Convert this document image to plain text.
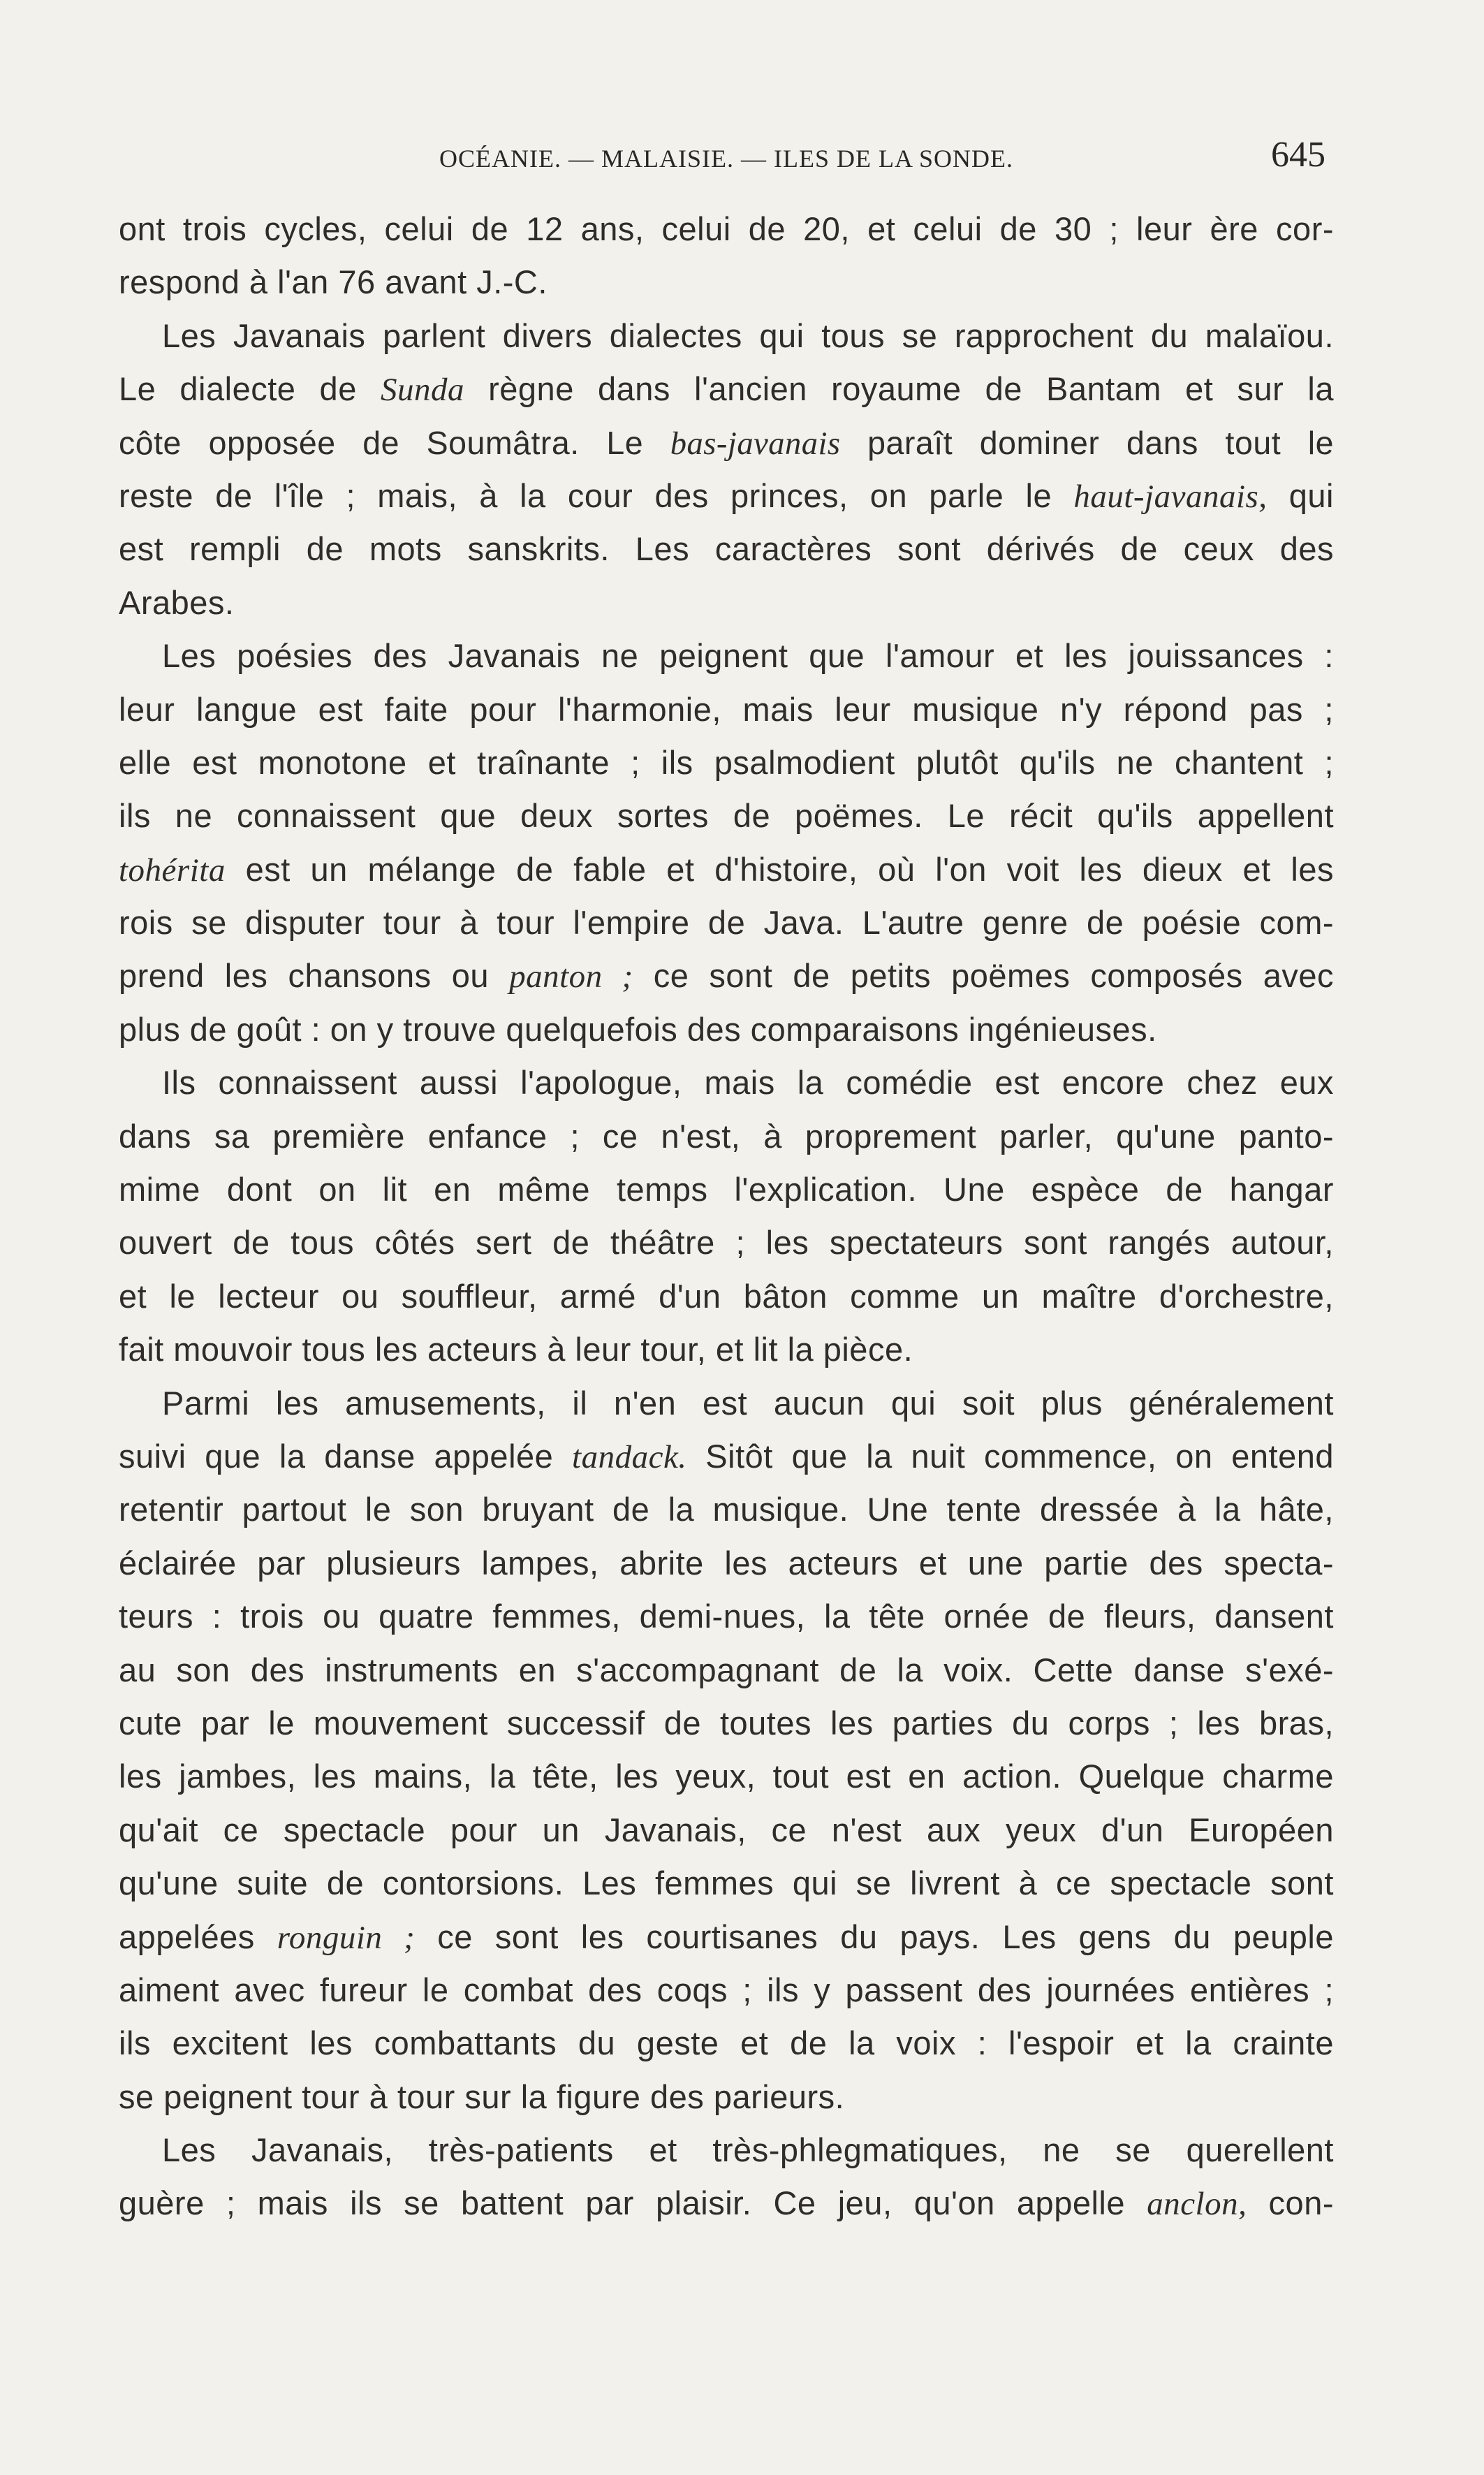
OCÉANIE. — MALAISIE. — ILES DE LA SONDE.	645
ont trois cycles, celui de 12 ans, celui de 20, et celui de 30 ; leur ère cor-
respond à l'an 76 avant J.-C.
Les Javanais parlent divers dialectes qui tous se rapprochent du malaïou.
Le dialecte de Sunda règne dans l'ancien royaume de Bantam et sur la
côte opposée de Soumâtra. Le bas-javanais paraît dominer dans tout le
reste de l'île ; mais, à la cour des princes, on parle le haut-javanais, qui
est rempli de mots sanskrits. Les caractères sont dérivés de ceux des
Arabes.
Les poésies des Javanais ne peignent que l'amour et les jouissances :
leur langue est faite pour l'harmonie, mais leur musique n'y répond pas ;
elle est monotone et traînante ; ils psalmodient plutôt qu'ils ne chantent ;
ils ne connaissent que deux sortes de poëmes. Le récit qu'ils appellent
tohérita est un mélange de fable et d'histoire, où l'on voit les dieux et les
rois se disputer tour à tour l'empire de Java. L'autre genre de poésie com-
prend les chansons ou panton ; ce sont de petits poëmes composés avec
plus de goût : on y trouve quelquefois des comparaisons ingénieuses.
Ils connaissent aussi l'apologue, mais la comédie est encore chez eux
dans sa première enfance ; ce n'est, à proprement parler, qu'une panto-
mime dont on lit en même temps l'explication. Une espèce de hangar
ouvert de tous côtés sert de théâtre ; les spectateurs sont rangés autour,
et le lecteur ou souffleur, armé d'un bâton comme un maître d'orchestre,
fait mouvoir tous les acteurs à leur tour, et lit la pièce.
Parmi les amusements, il n'en est aucun qui soit plus généralement
suivi que la danse appelée tandack. Sitôt que la nuit commence, on entend
retentir partout le son bruyant de la musique. Une tente dressée à la hâte,
éclairée par plusieurs lampes, abrite les acteurs et une partie des specta-
teurs : trois ou quatre femmes, demi-nues, la tête ornée de fleurs, dansent
au son des instruments en s'accompagnant de la voix. Cette danse s'exé-
cute par le mouvement successif de toutes les parties du corps ; les bras,
les jambes, les mains, la tête, les yeux, tout est en action. Quelque charme
qu'ait ce spectacle pour un Javanais, ce n'est aux yeux d'un Européen
qu'une suite de contorsions. Les femmes qui se livrent à ce spectacle sont
appelées ronguin ; ce sont les courtisanes du pays. Les gens du peuple
aiment avec fureur le combat des coqs ; ils y passent des journées entières ;
ils excitent les combattants du geste et de la voix : l'espoir et la crainte
se peignent tour à tour sur la figure des parieurs.
Les Javanais, très-patients et très-phlegmatiques, ne se querellent
guère ; mais ils se battent par plaisir. Ce jeu, qu'on appelle anclon, con-
